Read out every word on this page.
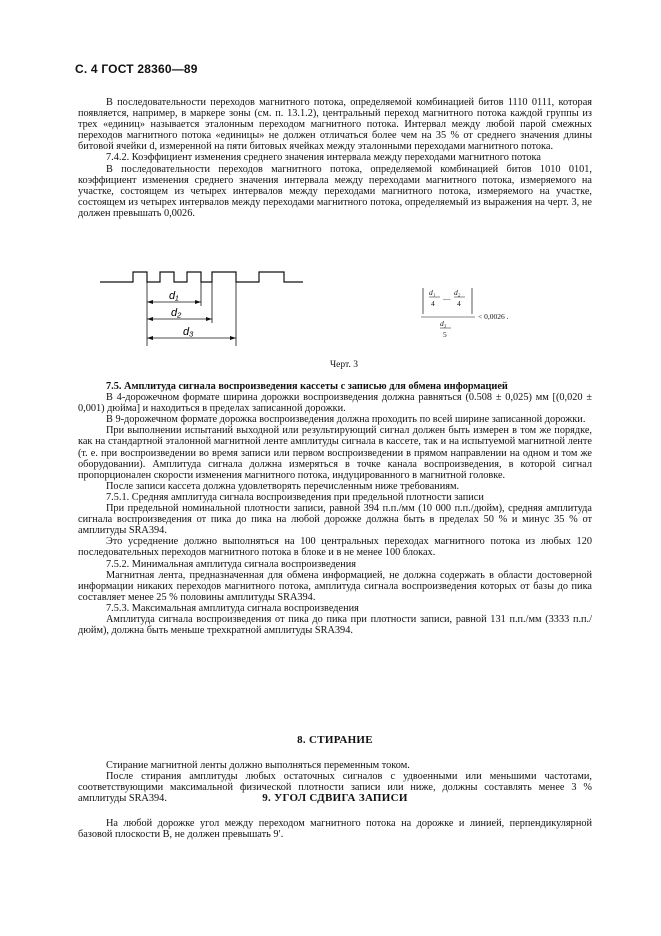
С. 4 ГОСТ 28360—89

В последовательности переходов магнитного потока, определяемой комбинацией битов 1110 0111, которая появляется, например, в маркере зоны (см. п. 13.1.2), центральный переход магнитного потока каждой группы из трех «единиц» называется эталонным переходом магнитного потока. Интервал между любой парой смежных переходов магнитного потока «единицы» не должен отличаться более чем на 35 % от среднего значения длины битовой ячейки d, измеренной на пяти битовых ячейках между эталонными переходами магнитного потока.

7.4.2. Коэффициент изменения среднего значения интервала между переходами магнитного потока

В последовательности переходов магнитного потока, определяемой комбинацией битов 1010 0101, коэффициент изменения среднего значения интервала между переходами магнитного потока, измеряемого на участке, состоящем из четырех интервалов между переходами магнитного потока, измеряемого на участке, состоящем из четырех интервалов между переходами магнитного потока, определяемый из выражения на черт. 3, не должен превышать 0,0026.

d₁
d₂
d₃
d₁
4
—
d₂
4
d₃
5
< 0,0026 .
Черт. 3

7.5. Амплитуда сигнала воспроизведения кассеты с записью для обмена информацией

В 4-дорожечном формате ширина дорожки воспроизведения должна равняться (0.508 ± 0,025) мм [(0,020 ± 0,001) дюйма] и находиться в пределах записанной дорожки.

В 9-дорожечном формате дорожка воспроизведения должна проходить по всей ширине записанной дорожки.

При выполнении испытаний выходной или результирующий сигнал должен быть измерен в том же порядке, как на стандартной эталонной магнитной ленте амплитуды сигнала в кассете, так и на испытуемой магнитной ленте (т. е. при воспроизведении во время записи или первом воспроизведении в прямом направлении на одном и том же оборудовании). Амплитуда сигнала должна измеряться в точке канала воспроизведения, в которой сигнал пропорционален скорости изменения магнитного потока, индуцированного в магнитной головке.

После записи кассета должна удовлетворять перечисленным ниже требованиям.

7.5.1. Средняя амплитуда сигнала воспроизведения при предельной плотности записи

При предельной номинальной плотности записи, равной 394 п.п./мм (10 000 п.п./дюйм), средняя амплитуда сигнала воспроизведения от пика до пика на любой дорожке должна быть в пределах 50 % и минус 35 % от амплитуды SRA394.

Это усреднение должно выполняться на 100 центральных переходах магнитного потока из любых 120 последовательных переходов магнитного потока в блоке и в не менее 100 блоках.

7.5.2. Минимальная амплитуда сигнала воспроизведения

Магнитная лента, предназначенная для обмена информацией, не должна содержать в области достоверной информации никаких переходов магнитного потока, амплитуда сигнала воспроизведения которых от базы до пика составляет менее 25 % половины амплитуды SRA394.

7.5.3. Максимальная амплитуда сигнала воспроизведения

Амплитуда сигнала воспроизведения от пика до пика при плотности записи, равной 131 п.п./мм (3333 п.п./дюйм), должна быть меньше трехкратной амплитуды SRA394.

8. СТИРАНИЕ

Стирание магнитной ленты должно выполняться переменным током.

После стирания амплитуды любых остаточных сигналов с удвоенными или меньшими частотами, соответствующими максимальной физической плотности записи или ниже, должны составлять менее 3 % амплитуды SRA394.	9. УГОЛ СДВИГА ЗАПИСИ

На любой дорожке угол между переходом магнитного потока на дорожке и линией, перпендикулярной базовой плоскости B, не должен превышать 9′.
